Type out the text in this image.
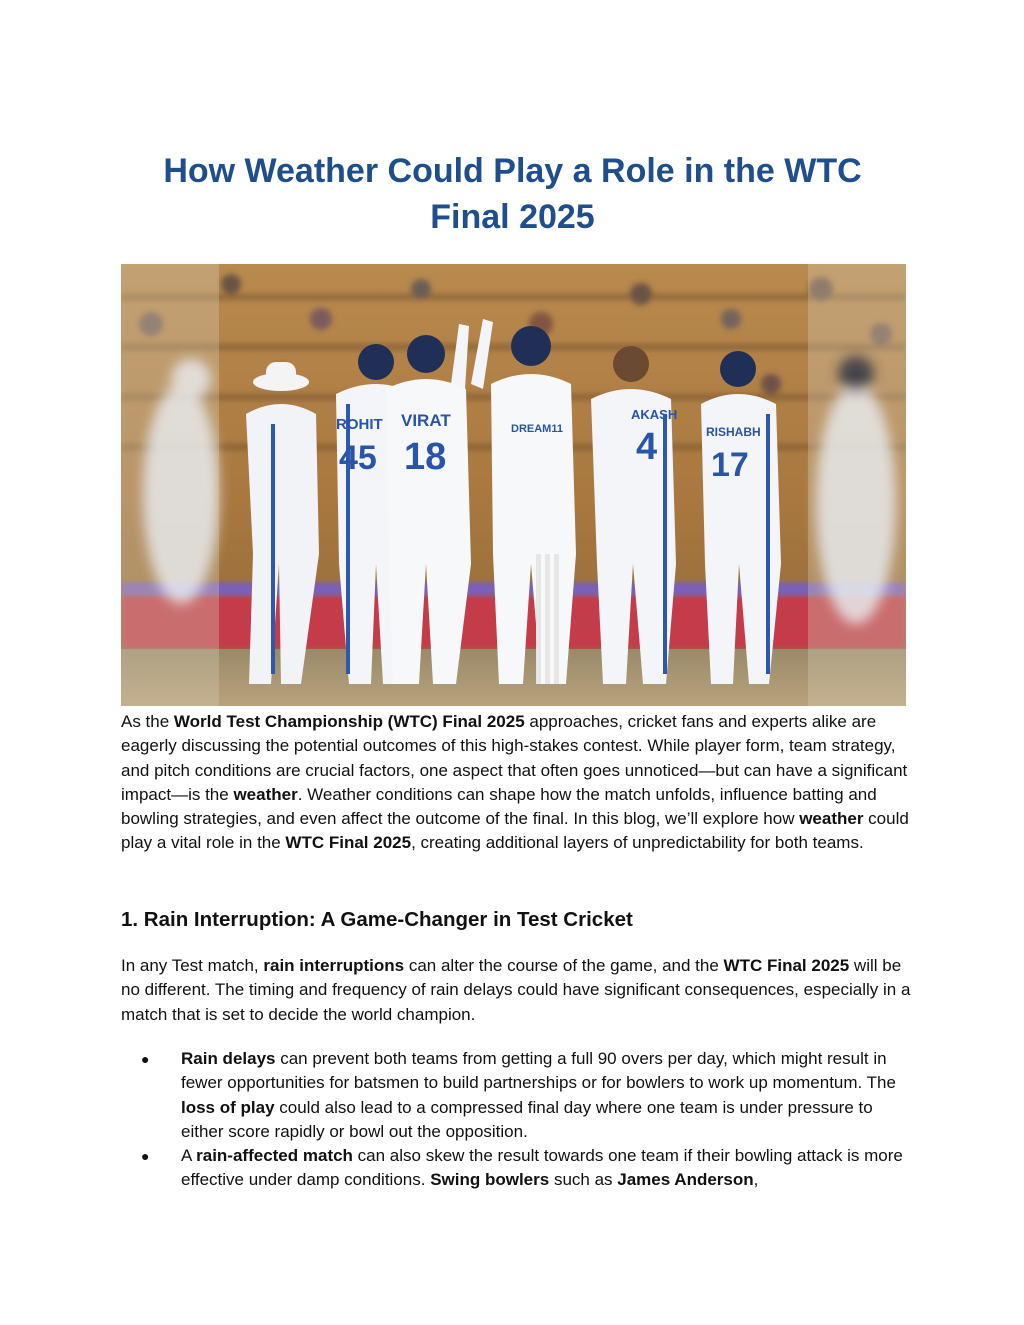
How Weather Could Play a Role in the WTC Final 2025
ROHIT
45
VIRAT
18
AKASH
4	RISHABH
17
DREAM11

As the World Test Championship (WTC) Final 2025 approaches, cricket fans and experts alike are eagerly discussing the potential outcomes of this high-stakes contest. While player form, team strategy, and pitch conditions are crucial factors, one aspect that often goes unnoticed—but can have a significant impact—is the weather. Weather conditions can shape how the match unfolds, influence batting and bowling strategies, and even affect the outcome of the final. In this blog, we’ll explore how weather could play a vital role in the WTC Final 2025, creating additional layers of unpredictability for both teams.

1. Rain Interruption: A Game-Changer in Test Cricket

In any Test match, rain interruptions can alter the course of the game, and the WTC Final 2025 will be no different. The timing and frequency of rain delays could have significant consequences, especially in a match that is set to decide the world champion.

● Rain delays can prevent both teams from getting a full 90 overs per day, which might result in fewer opportunities for batsmen to build partnerships or for bowlers to work up momentum. The loss of play could also lead to a compressed final day where one team is under pressure to either score rapidly or bowl out the opposition.
● A rain-affected match can also skew the result towards one team if their bowling attack is more effective under damp conditions. Swing bowlers such as James Anderson,
